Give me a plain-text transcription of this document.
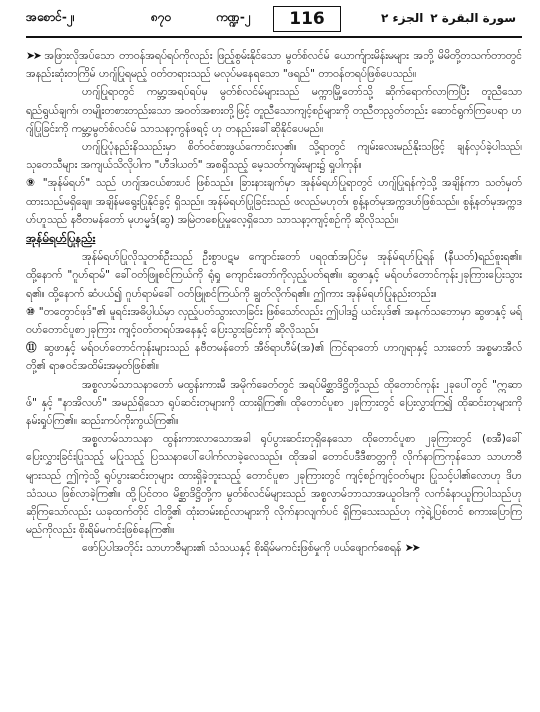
အစောင်-၂၊	၈၇၀	ကဏ္ဍ-၂	116	الجزء ٢ سورة البقرة ٢

➤➤ အဖြားလိုအပ်သော တာဝန်အရပ်ရပ်ကိုလည်း ဖြည့်စွမ်းနိုင်သော မွတ်စ်လင်မ် ယောက်ျားမိန်းမများ အဘို့ မိမိတို့တသက်တာတွင် အနည်းဆုံးတကြိမ် ဟဂျ်ပြုရမည့် ဝတ်တရားသည် မလုပ်မနေရသော "ဖရည်" တာဝန်တရပ်ဖြစ်ပေသည်။

ဟဂျ်ပြုရာတွင် ကမ္ဘာ့အရပ်ရပ်မှ မွတ်စ်လင်မ်များသည် မက္ကာမြို့တော်သို့ ဆိုက်ရောက်လာကြပြီး တူညီသော ရည်ရွယ်ချက်၊ တမျိုးတစားတည်းသော အဝတ်အစားတို့ဖြင့် တူညီသောကျင့်စဉ်များကို တညီတညွတ်တည်း ဆောင်ရွက်ကြပေရာ ဟဂျ်ပြုခြင်းကို ကမ္ဘာ့မွတ်စ်လင်မ် သာသနာ့ကွန်ဖရင့် ဟု တနည်းခေါ်ဆိုနိုင်ပေမည်။

ဟဂျ်ပြုပုံနည်းနိဿည်းမှာ စိတ်ဝင်စားဖွယ်ကောင်းလှ၏။ သို့ရာတွင် ကျမ်းလေးမည်နိုးသဖြင့် ချန်လှပ်ခဲ့ပါသည်၊ သုတေသီများ အကျယ်သိလိုပါက "ဟီဒါယတ်" အစရှိသည့် မေ့သတ်ကျမ်းများ၌ ရှုပါကုန်။

⑨ "အုန်မ်ရဟ်" သည် ဟဂျ်အငယ်စားပင် ဖြစ်သည်။ ခြားနားချက်မှာ အုန်မ်ရဟ်ပြုရာတွင် ဟဂျ်ပြုရန်ကဲ့သို့ အချိန်ကာ သတ်မှတ်ထားသည်မရှိချေ။ အချိန်မရွေးပြုနိုင်ခွင့် ရှိသည်။ အုန်မ်ရဟ်ပြုခြင်းသည် ဖလည်မဟုတ်၊ စွန့်နတ်မုအက္ကဒဟ်ဖြစ်သည်။ စွန့်နတ်မုအက္ကဒဟ်ဟူသည် နဗီတမန်တော် မုဟမ္မဒ်(ဆွ) အမြဲတစေပြုမှုလေ့ရှိသော သာသနာ့ကျင့်စဉ်ကို ဆိုလိုသည်။

အုန်မ်ရဟ်ပြုနည်း

အုန်မ်ရဟ်ပြုလိုသူတစ်ဦးသည် ဦးစွာပဋမ ကျောင်းတော် ပရဝုဏ်အပြင်မှ အုန်မ်ရဟ်ပြုရန် (နီယတ်)ရည်စူးရ၏။ ထို့နောက် "ဂူဟ်ရာမ်" ခေါ်ဝတ်ဖြူစင်ကြယ်ကို ရုံရှု ကျောင်းတော်ကိုလှည့်ပတ်ရ၏။ ဆွဖာနှင့် မရ်ဝဟ်တောင်ကုန်း၂ခုကြားပြေးသွားရ၏။ ထို့နောက် ဆံပယ်၍ ဂူဟ်ရာမ်ခေါ် ဝတ်ဖြူစင်ကြယ်ကို ချွတ်လိုက်ရ၏။ ဤကား အုန်မ်ရဟ်ပြုနည်းတည်း။

⑩ "တတွောင်ဖုဒ်"၏ မူရင်းအဓိပ္ပါယ်မှာ လှည့်ပတ်သွားလာခြင်း ဖြစ်သော်လည်း ဤပါဒ၌ ယင်းပုဒ်၏ အနက်သဘောမှာ ဆွဖာနှင့် မရ်ဝဟ်တောင်ပူစာ၂ခုကြား ကျင့်ဝတ်တရပ်အနေနှင့် ပြေးသွားခြင်းကို ဆိုလိုသည်။

⑪ ဆွဖာနှင့် မရ်ဝဟ်တောင်ကုန်းများသည် နဗီတမန်တော် အီဗ်ရာဟီမ်(အ)၏ ကြင်ရာတော် ဟာဂျရာနှင့် သားတော် အစ္စမာအီလ်တို့၏ ရာဇဝင်အထိမ်းအမှတ်ဖြစ်၏။

အစ္စလာမ်သာသနာတော် မထွန်းကားမီ အမိုက်ခေတ်တွင် အရပ်မိစ္ဆာဒိဋ္ဌိတို့သည် ထိုတောင်ကုန်း ၂ခုပေါ်တွင် "ဣဆာဖ်" နှင့် "နာအိလဟ်" အမည်ရှိသော ရုပ်ဆင်းတုများကို ထားရှိကြ၏၊ ထိုတောင်ပူစာ ၂ခုကြားတွင် ပြေးလွှားကြ၍ ထိုဆင်းတုများကို နမ်းရှုပ်ကြ၏။ ဆည်းကပ်ကိုးကွယ်ကြ၏။

အစ္စလာမ်သာသနာ ထွန်းကားလာသောအခါ ရုပ်ပွားဆင်းတုရှိနေသော ထိုတောင်ပူစာ ၂ခုကြားတွင် (စအီ)ခေါ် ပြေးလွှားခြင်းပြုသည့် မပြုသည့် ပြဿနာပေါ်ပေါက်လာခဲ့လေသည်။ ထိုအခါ တောင်ပဒီဒီစာတ္တကို လိုက်နာကြကုန်သော သာဟာဗီများသည် ဤကဲ့သို့ ရုပ်ပွားဆင်းတုများ ထားရှိခဲ့ဘူးသည့် တောင်ပူစာ ၂ခုကြားတွင် ကျင့်စဉ်ကျင့်ဝတ်များ ပြုသင့်ပါ၏လောဟု ဒိဟသံသယ ဖြစ်လာခဲ့ကြ၏။ ထို့ပြင်တဝ မိစ္ဆာဒိဋ္ဌိတို့က မွတ်စ်လင်မ်များသည် အစ္စလာမ်ဘာသာအယူဝါဒကို လက်ခံနာယူကြပါသည်ဟု ဆိုကြသော်လည်း ယခုထက်တိုင် ငါတို့၏ ထုံးတမ်းစဉ်လာများကို လိုက်နာလျက်ပင် ရှိကြသေးသည်ဟု ကဲ့ရဲ့ပြစ်တင် စကားပြောကြမည်ကိုလည်း စိုးရိမ်မကင်းဖြစ်နေကြ၏။

ဖော်ပြပါအတိုင်း သာဟာဗီများ၏ သံသယနှင့် စိုးရိမ်မကင်းဖြစ်မှုကို ပယ်ဖျောက်စေရန် ➤➤
